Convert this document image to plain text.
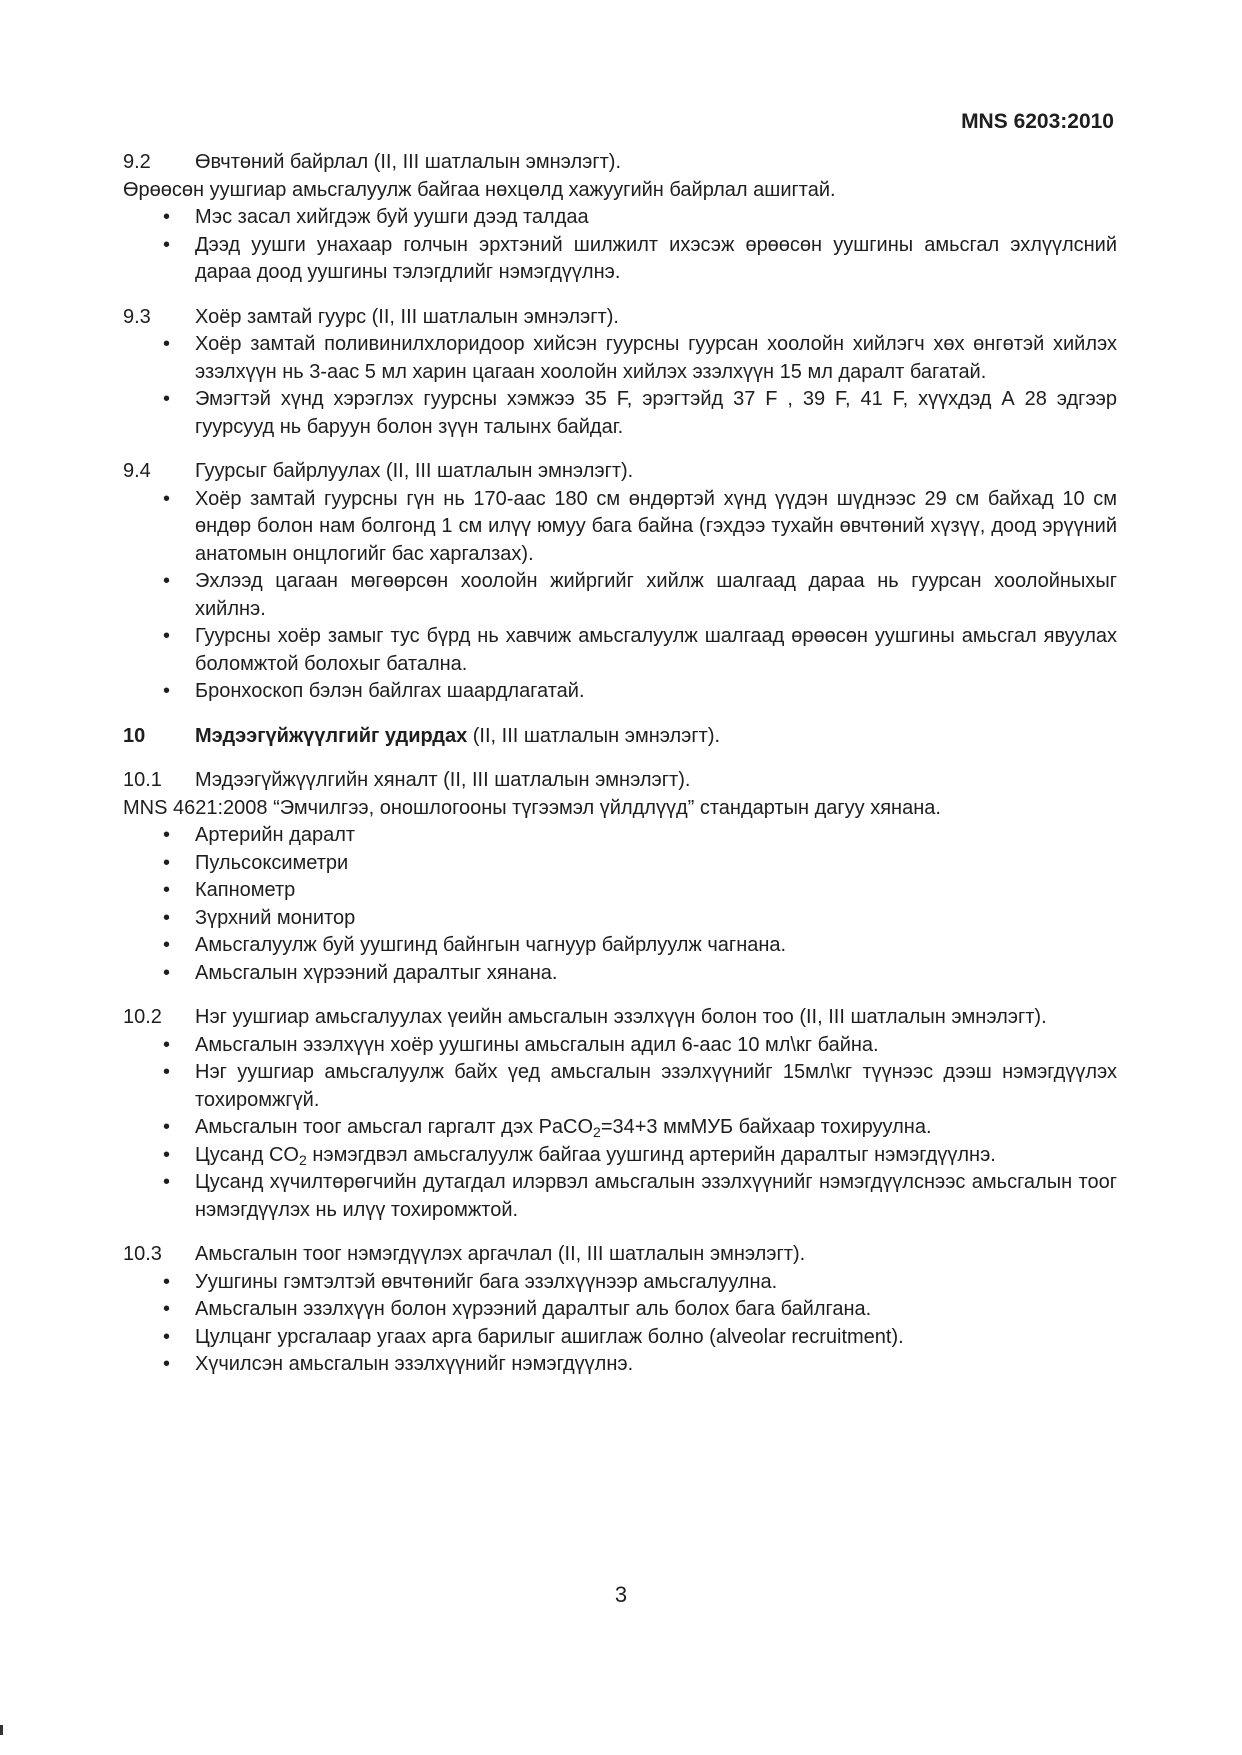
MNS 6203:2010
9.2	Өвчтөний байрлал (II, III шатлалын эмнэлэгт).

Өрөөсөн уушгиар амьсгалуулж байгаа нөхцөлд хажуугийн байрлал ашигтай.

• Мэс засал хийгдэж буй уушги дээд талдаа
• Дээд уушги унахаар голчын эрхтэний шилжилт ихэсэж өрөөсөн уушгины амьсгал эхлүүлсний дараа доод уушгины тэлэгдлийг нэмэгдүүлнэ.
9.3	Хоёр замтай гуурс (II, III шатлалын эмнэлэгт).
• Хоёр замтай поливинилхлоридоор хийсэн гуурсны гуурсан хоолойн хийлэгч хөх өнгөтэй хийлэх эзэлхүүн нь 3-аас 5 мл харин цагаан хоолойн хийлэх эзэлхүүн 15 мл даралт багатай.
• Эмэгтэй хүнд хэрэглэх гуурсны хэмжээ 35 F, эрэгтэйд 37 F , 39 F, 41 F, хүүхдэд А 28 эдгээр гуурсууд нь баруун болон зүүн талынх байдаг.
9.4	Гуурсыг байрлуулах (II, III шатлалын эмнэлэгт).
• Хоёр замтай гуурсны гүн нь 170-аас 180 см өндөртэй хүнд үүдэн шүднээс 29 см байхад 10 см өндөр болон нам болгонд 1 см илүү юмуу бага байна (гэхдээ тухайн өвчтөний хүзүү, доод эрүүний анатомын онцлогийг бас харгалзах).
• Эхлээд цагаан мөгөөрсөн хоолойн жийргийг хийлж шалгаад дараа нь гуурсан хоолойныхыг хийлнэ.
• Гуурсны хоёр замыг тус бүрд нь хавчиж амьсгалуулж шалгаад өрөөсөн уушгины амьсгал явуулах боломжтой болохыг батална.
• Бронхоскоп бэлэн байлгах шаардлагатай.
10	Мэдээгүйжүүлгийг удирдах (II, III шатлалын эмнэлэгт).
10.1	Мэдээгүйжүүлгийн хяналт (II, III шатлалын эмнэлэгт).

MNS 4621:2008 “Эмчилгээ, оношлогооны түгээмэл үйлдлүүд” стандартын дагуу хянана.

• Артерийн даралт
• Пульсоксиметри
• Капнометр
• Зүрхний монитор
• Амьсгалуулж буй уушгинд байнгын чагнуур байрлуулж чагнана.
• Амьсгалын хүрээний даралтыг хянана.
10.2	Нэг уушгиар амьсгалуулах үеийн амьсгалын эзэлхүүн болон тоо (II, III шатлалын эмнэлэгт).
• Амьсгалын эзэлхүүн хоёр уушгины амьсгалын адил 6-аас 10 мл\кг байна.
• Нэг уушгиар амьсгалуулж байх үед амьсгалын эзэлхүүнийг 15мл\кг түүнээс дээш нэмэгдүүлэх тохиромжгүй.
• Амьсгалын тоог амьсгал гаргалт дэх PaCO$_2$=34+3 ммМУБ байхаар тохируулна.
• Цусанд $CO_2$ нэмэгдвэл амьсгалуулж байгаа уушгинд артерийн даралтыг нэмэгдүүлнэ.
• Цусанд хүчилтөрөгчийн дутагдал илэрвэл амьсгалын эзэлхүүнийг нэмэгдүүлснээс амьсгалын тоог нэмэгдүүлэх нь илүү тохиромжтой.
10.3	Амьсгалын тоог нэмэгдүүлэх аргачлал (II, III шатлалын эмнэлэгт).
• Уушгины гэмтэлтэй өвчтөнийг бага эзэлхүүнээр амьсгалуулна.
• Амьсгалын эзэлхүүн болон хүрээний даралтыг аль болох бага байлгана.
• Цулцанг урсгалаар угаах арга барилыг ашиглаж болно (alveolar recruitment).
• Хүчилсэн амьсгалын эзэлхүүнийг нэмэгдүүлнэ.
3
